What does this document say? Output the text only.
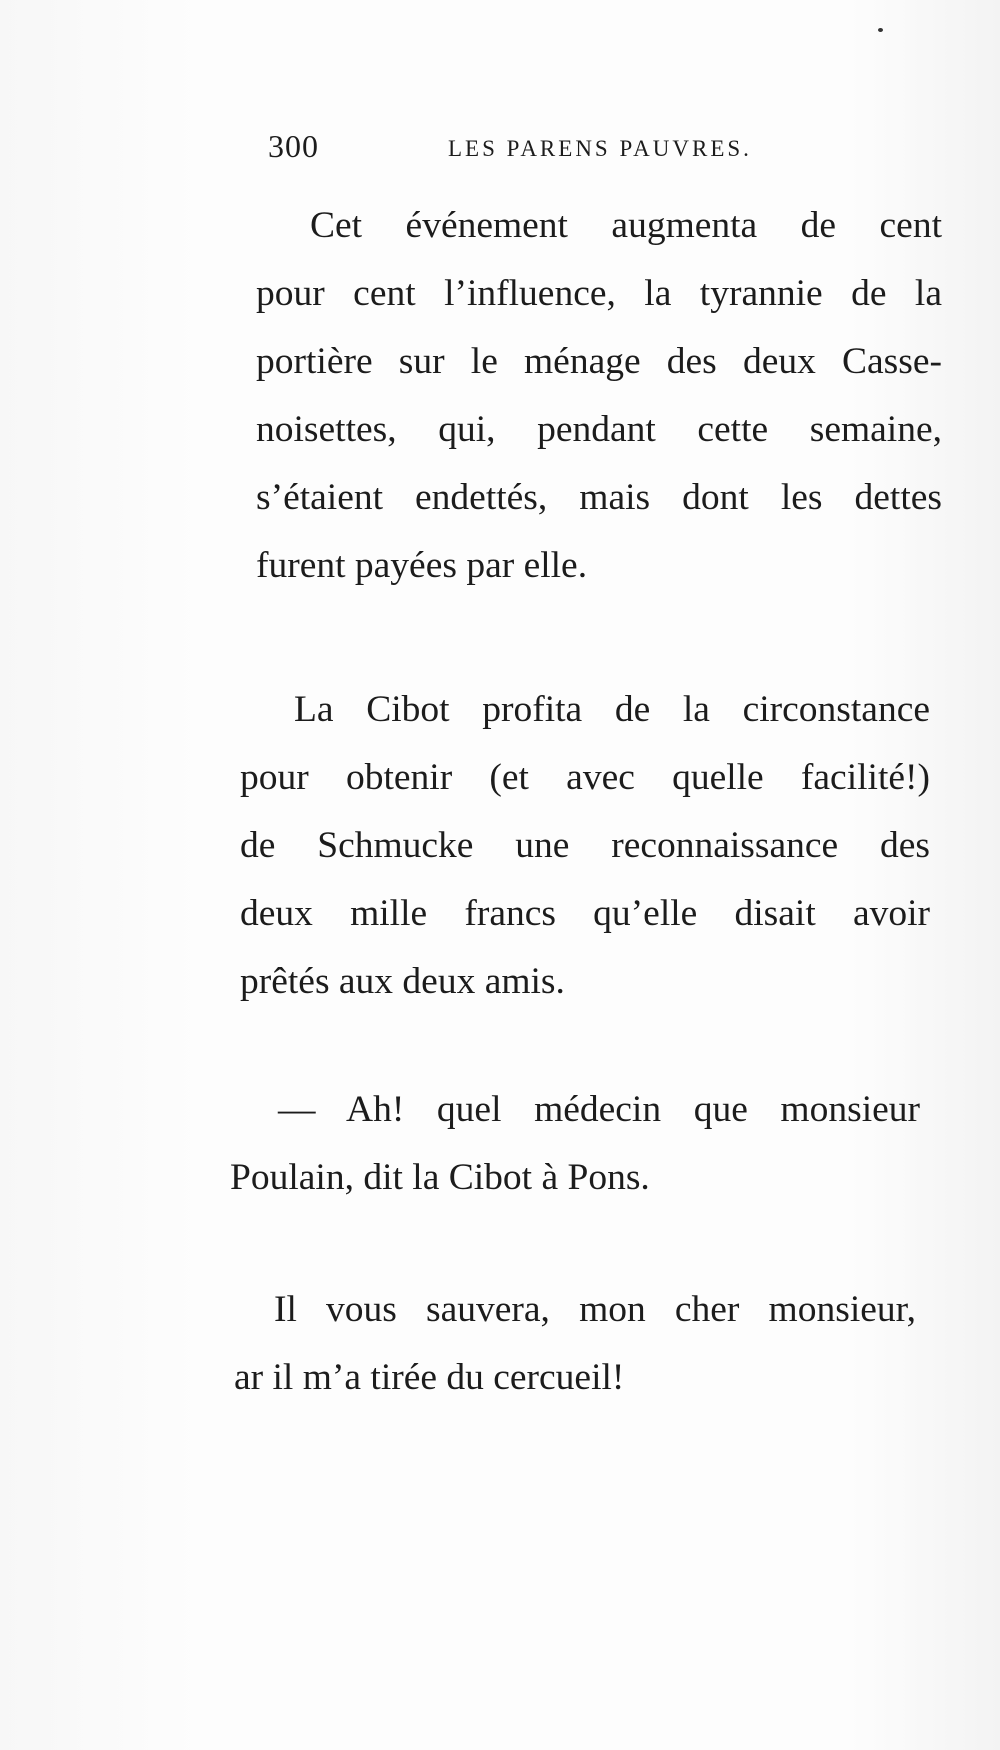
300	LES PARENS PAUVRES.
Cet événement augmenta de cent
pour cent l’influence, la tyrannie de la
portière sur le ménage des deux Casse-
noisettes, qui, pendant cette semaine,
s’étaient endettés, mais dont les dettes
furent payées par elle.
La Cibot profita de la circonstance
pour obtenir (et avec quelle facilité!)
de Schmucke une reconnaissance des
deux mille francs qu’elle disait avoir
prêtés aux deux amis.
— Ah! quel médecin que monsieur
Poulain, dit la Cibot à Pons.
Il vous sauvera, mon cher monsieur,
ar il m’a tirée du cercueil!
